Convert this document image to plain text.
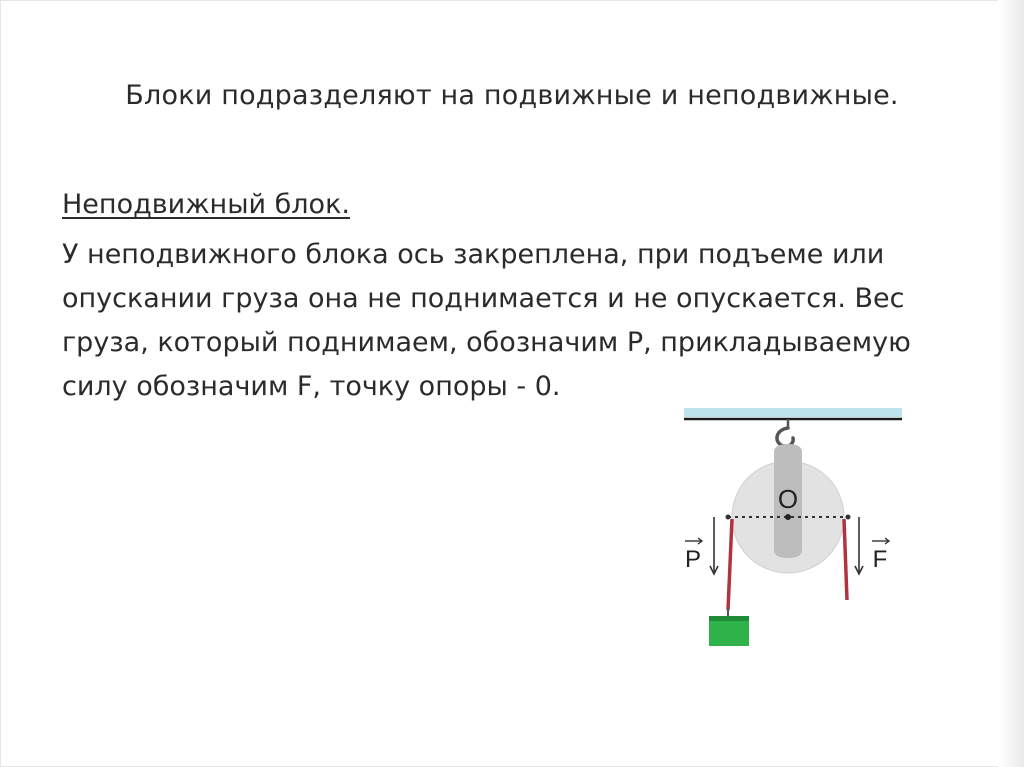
Блоки подразделяют на подвижные и неподвижные.

Неподвижный блок.

У неподвижного блока ось закреплена, при подъеме или
опускании груза она не поднимается и не опускается. Вес
груза, который поднимаем, обозначим P, прикладываемую
силу обозначим F, точку опоры - 0.

O
P	F
